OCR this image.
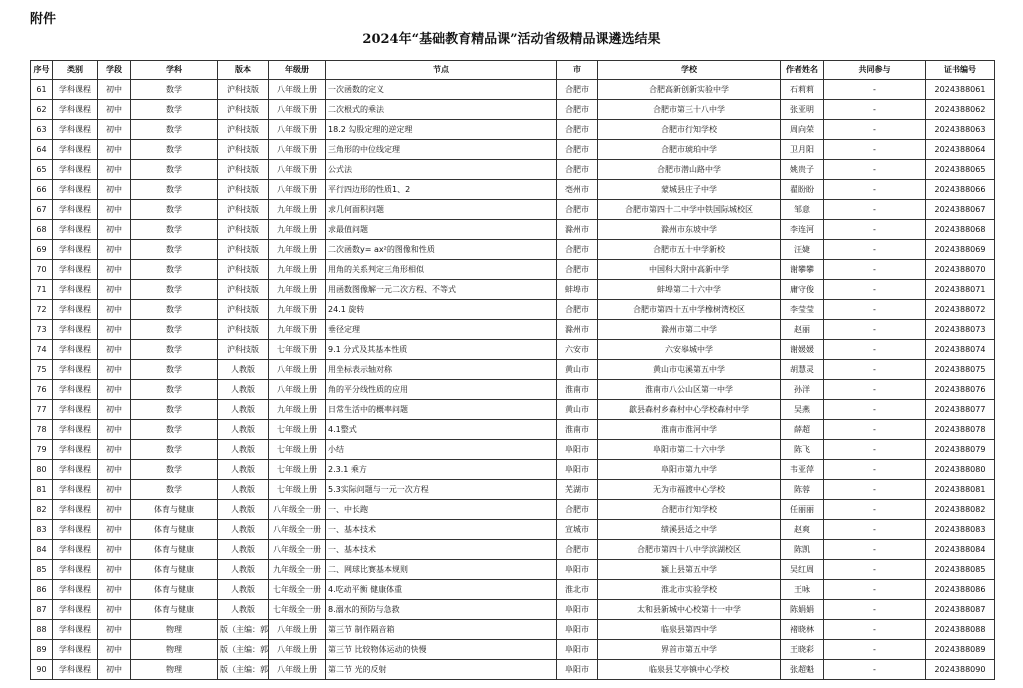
附件
2024年“基础教育精品课”活动省级精品课遴选结果
序号	类别	学段	学科	版本	年级册	节点	市	学校	作者姓名	共同参与	证书编号
61	学科课程	初中	数学	沪科技版	八年级上册	一次函数的定义	合肥市	合肥高新创新实验中学	石莉莉	-	2024388061
62	学科课程	初中	数学	沪科技版	八年级下册	二次根式的乘法	合肥市	合肥市第三十八中学	张亚明	-	2024388062
63	学科课程	初中	数学	沪科技版	八年级下册	18.2 勾股定理的逆定理	合肥市	合肥市行知学校	周向荣	-	2024388063
64	学科课程	初中	数学	沪科技版	八年级下册	三角形的中位线定理	合肥市	合肥市琥珀中学	卫月阳	-	2024388064
65	学科课程	初中	数学	沪科技版	八年级下册	公式法	合肥市	合肥市潜山路中学	姚贵子	-	2024388065
66	学科课程	初中	数学	沪科技版	八年级下册	平行四边形的性质1、2	亳州市	蒙城县庄子中学	翟盼盼	-	2024388066
67	学科课程	初中	数学	沪科技版	九年级上册	求几何面积问题	合肥市	合肥市第四十二中学中铁国际城校区	邹意	-	2024388067
68	学科课程	初中	数学	沪科技版	九年级上册	求最值问题	滁州市	滁州市东坡中学	李连河	-	2024388068
69	学科课程	初中	数学	沪科技版	九年级上册	二次函数y= ax²的图像和性质	合肥市	合肥市五十中学新校	汪婕	-	2024388069
70	学科课程	初中	数学	沪科技版	九年级上册	用角的关系判定三角形相似	合肥市	中国科大附中高新中学	谢攀攀	-	2024388070
71	学科课程	初中	数学	沪科技版	九年级上册	用函数图像解一元二次方程、不等式	蚌埠市	蚌埠第二十六中学	庸守俊	-	2024388071
72	学科课程	初中	数学	沪科技版	九年级下册	24.1 旋转	合肥市	合肥市第四十五中学橡树湾校区	李莹莹	-	2024388072
73	学科课程	初中	数学	沪科技版	九年级下册	垂径定理	滁州市	滁州市第二中学	赵丽	-	2024388073
74	学科课程	初中	数学	沪科技版	七年级下册	9.1 分式及其基本性质	六安市	六安皋城中学	谢媛媛	-	2024388074
75	学科课程	初中	数学	人教版	八年级上册	用坐标表示轴对称	黄山市	黄山市屯溪第五中学	胡慧灵	-	2024388075
76	学科课程	初中	数学	人教版	八年级上册	角的平分线性质的应用	淮南市	淮南市八公山区第一中学	孙洋	-	2024388076
77	学科课程	初中	数学	人教版	九年级上册	日常生活中的概率问题	黄山市	歙县森村乡森村中心学校森村中学	吴燕	-	2024388077
78	学科课程	初中	数学	人教版	七年级上册	4.1整式	淮南市	淮南市淮河中学	薛超	-	2024388078
79	学科课程	初中	数学	人教版	七年级上册	小结	阜阳市	阜阳市第二十六中学	陈飞	-	2024388079
80	学科课程	初中	数学	人教版	七年级上册	2.3.1 乘方	阜阳市	阜阳市第九中学	韦亚萍	-	2024388080
81	学科课程	初中	数学	人教版	七年级上册	5.3实际问题与一元一次方程	芜湖市	无为市福渡中心学校	陈蓉	-	2024388081
82	学科课程	初中	体育与健康	人教版	八年级全一册	一、中长跑	合肥市	合肥市行知学校	任丽丽	-	2024388082
83	学科课程	初中	体育与健康	人教版	八年级全一册	一、基本技术	宣城市	绩溪县适之中学	赵爽	-	2024388083
84	学科课程	初中	体育与健康	人教版	八年级全一册	一、基本技术	合肥市	合肥市第四十八中学滨湖校区	陈凯	-	2024388084
85	学科课程	初中	体育与健康	人教版	九年级全一册	二、网球比赛基本规则	阜阳市	颍上县第五中学	吴红周	-	2024388085
86	学科课程	初中	体育与健康	人教版	七年级全一册	4.吃动平衡 健康体重	淮北市	淮北市实验学校	王咏	-	2024388086
87	学科课程	初中	体育与健康	人教版	七年级全一册	8.溺水的预防与急救	阜阳市	太和县新城中心校第十一中学	陈娟娟	-	2024388087
88	学科课程	初中	物理	版（主编：郭	八年级上册	第三节 制作隔音箱	阜阳市	临泉县第四中学	褚晓林	-	2024388088
89	学科课程	初中	物理	版（主编：郭	八年级上册	第三节 比较物体运动的快慢	阜阳市	界首市第五中学	王晓彩	-	2024388089
90	学科课程	初中	物理	版（主编：郭	八年级上册	第二节 光的反射	阜阳市	临泉县艾亭镇中心学校	张超魁	-	2024388090
